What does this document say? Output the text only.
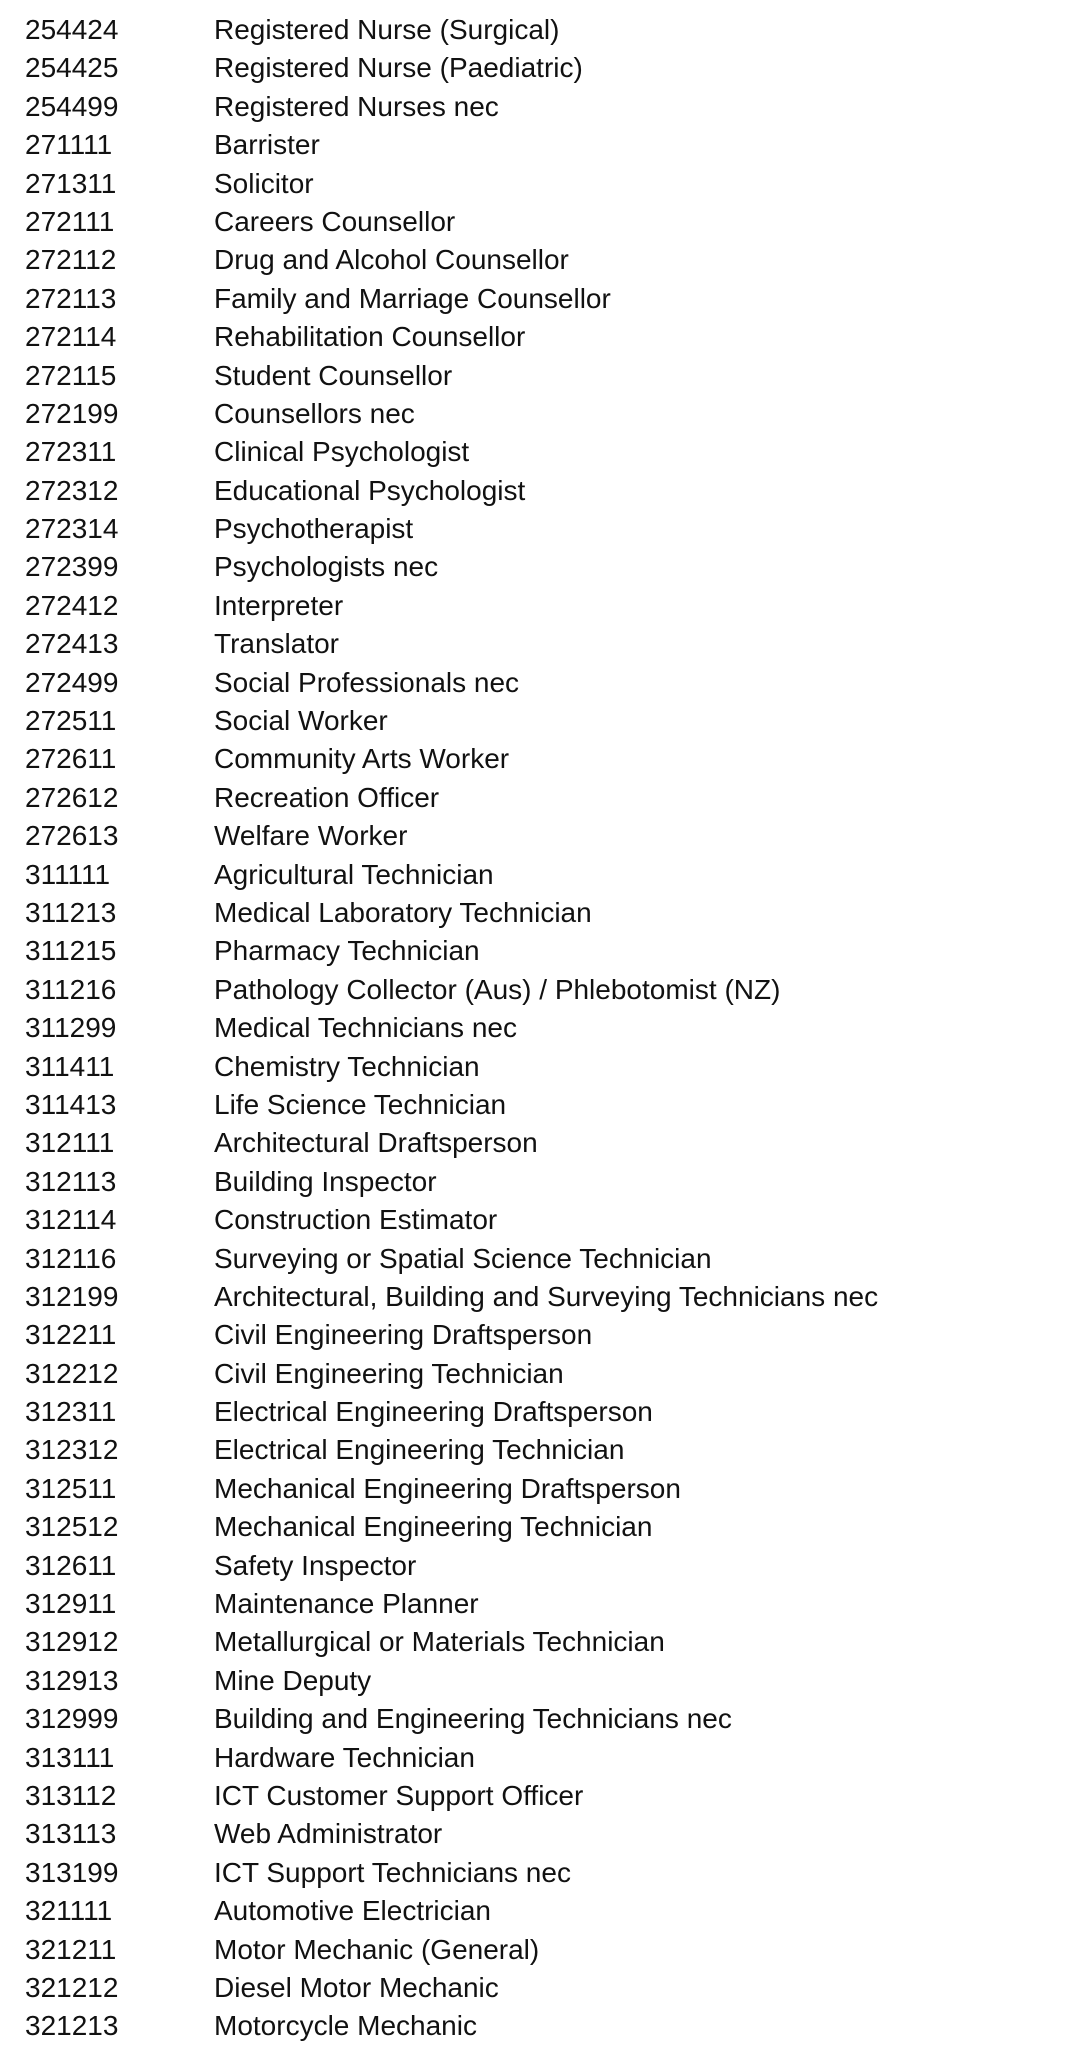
254424	Registered Nurse (Surgical)
254425	Registered Nurse (Paediatric)
254499	Registered Nurses nec
271111	Barrister
271311	Solicitor
272111	Careers Counsellor
272112	Drug and Alcohol Counsellor
272113	Family and Marriage Counsellor
272114	Rehabilitation Counsellor
272115	Student Counsellor
272199	Counsellors nec
272311	Clinical Psychologist
272312	Educational Psychologist
272314	Psychotherapist
272399	Psychologists nec
272412	Interpreter
272413	Translator
272499	Social Professionals nec
272511	Social Worker
272611	Community Arts Worker
272612	Recreation Officer
272613	Welfare Worker
311111	Agricultural Technician
311213	Medical Laboratory Technician
311215	Pharmacy Technician
311216	Pathology Collector (Aus) / Phlebotomist (NZ)
311299	Medical Technicians nec
311411	Chemistry Technician
311413	Life Science Technician
312111	Architectural Draftsperson
312113	Building Inspector
312114	Construction Estimator
312116	Surveying or Spatial Science Technician
312199	Architectural, Building and Surveying Technicians nec
312211	Civil Engineering Draftsperson
312212	Civil Engineering Technician
312311	Electrical Engineering Draftsperson
312312	Electrical Engineering Technician
312511	Mechanical Engineering Draftsperson
312512	Mechanical Engineering Technician
312611	Safety Inspector
312911	Maintenance Planner
312912	Metallurgical or Materials Technician
312913	Mine Deputy
312999	Building and Engineering Technicians nec
313111	Hardware Technician
313112	ICT Customer Support Officer
313113	Web Administrator
313199	ICT Support Technicians nec
321111	Automotive Electrician
321211	Motor Mechanic (General)
321212	Diesel Motor Mechanic
321213	Motorcycle Mechanic
